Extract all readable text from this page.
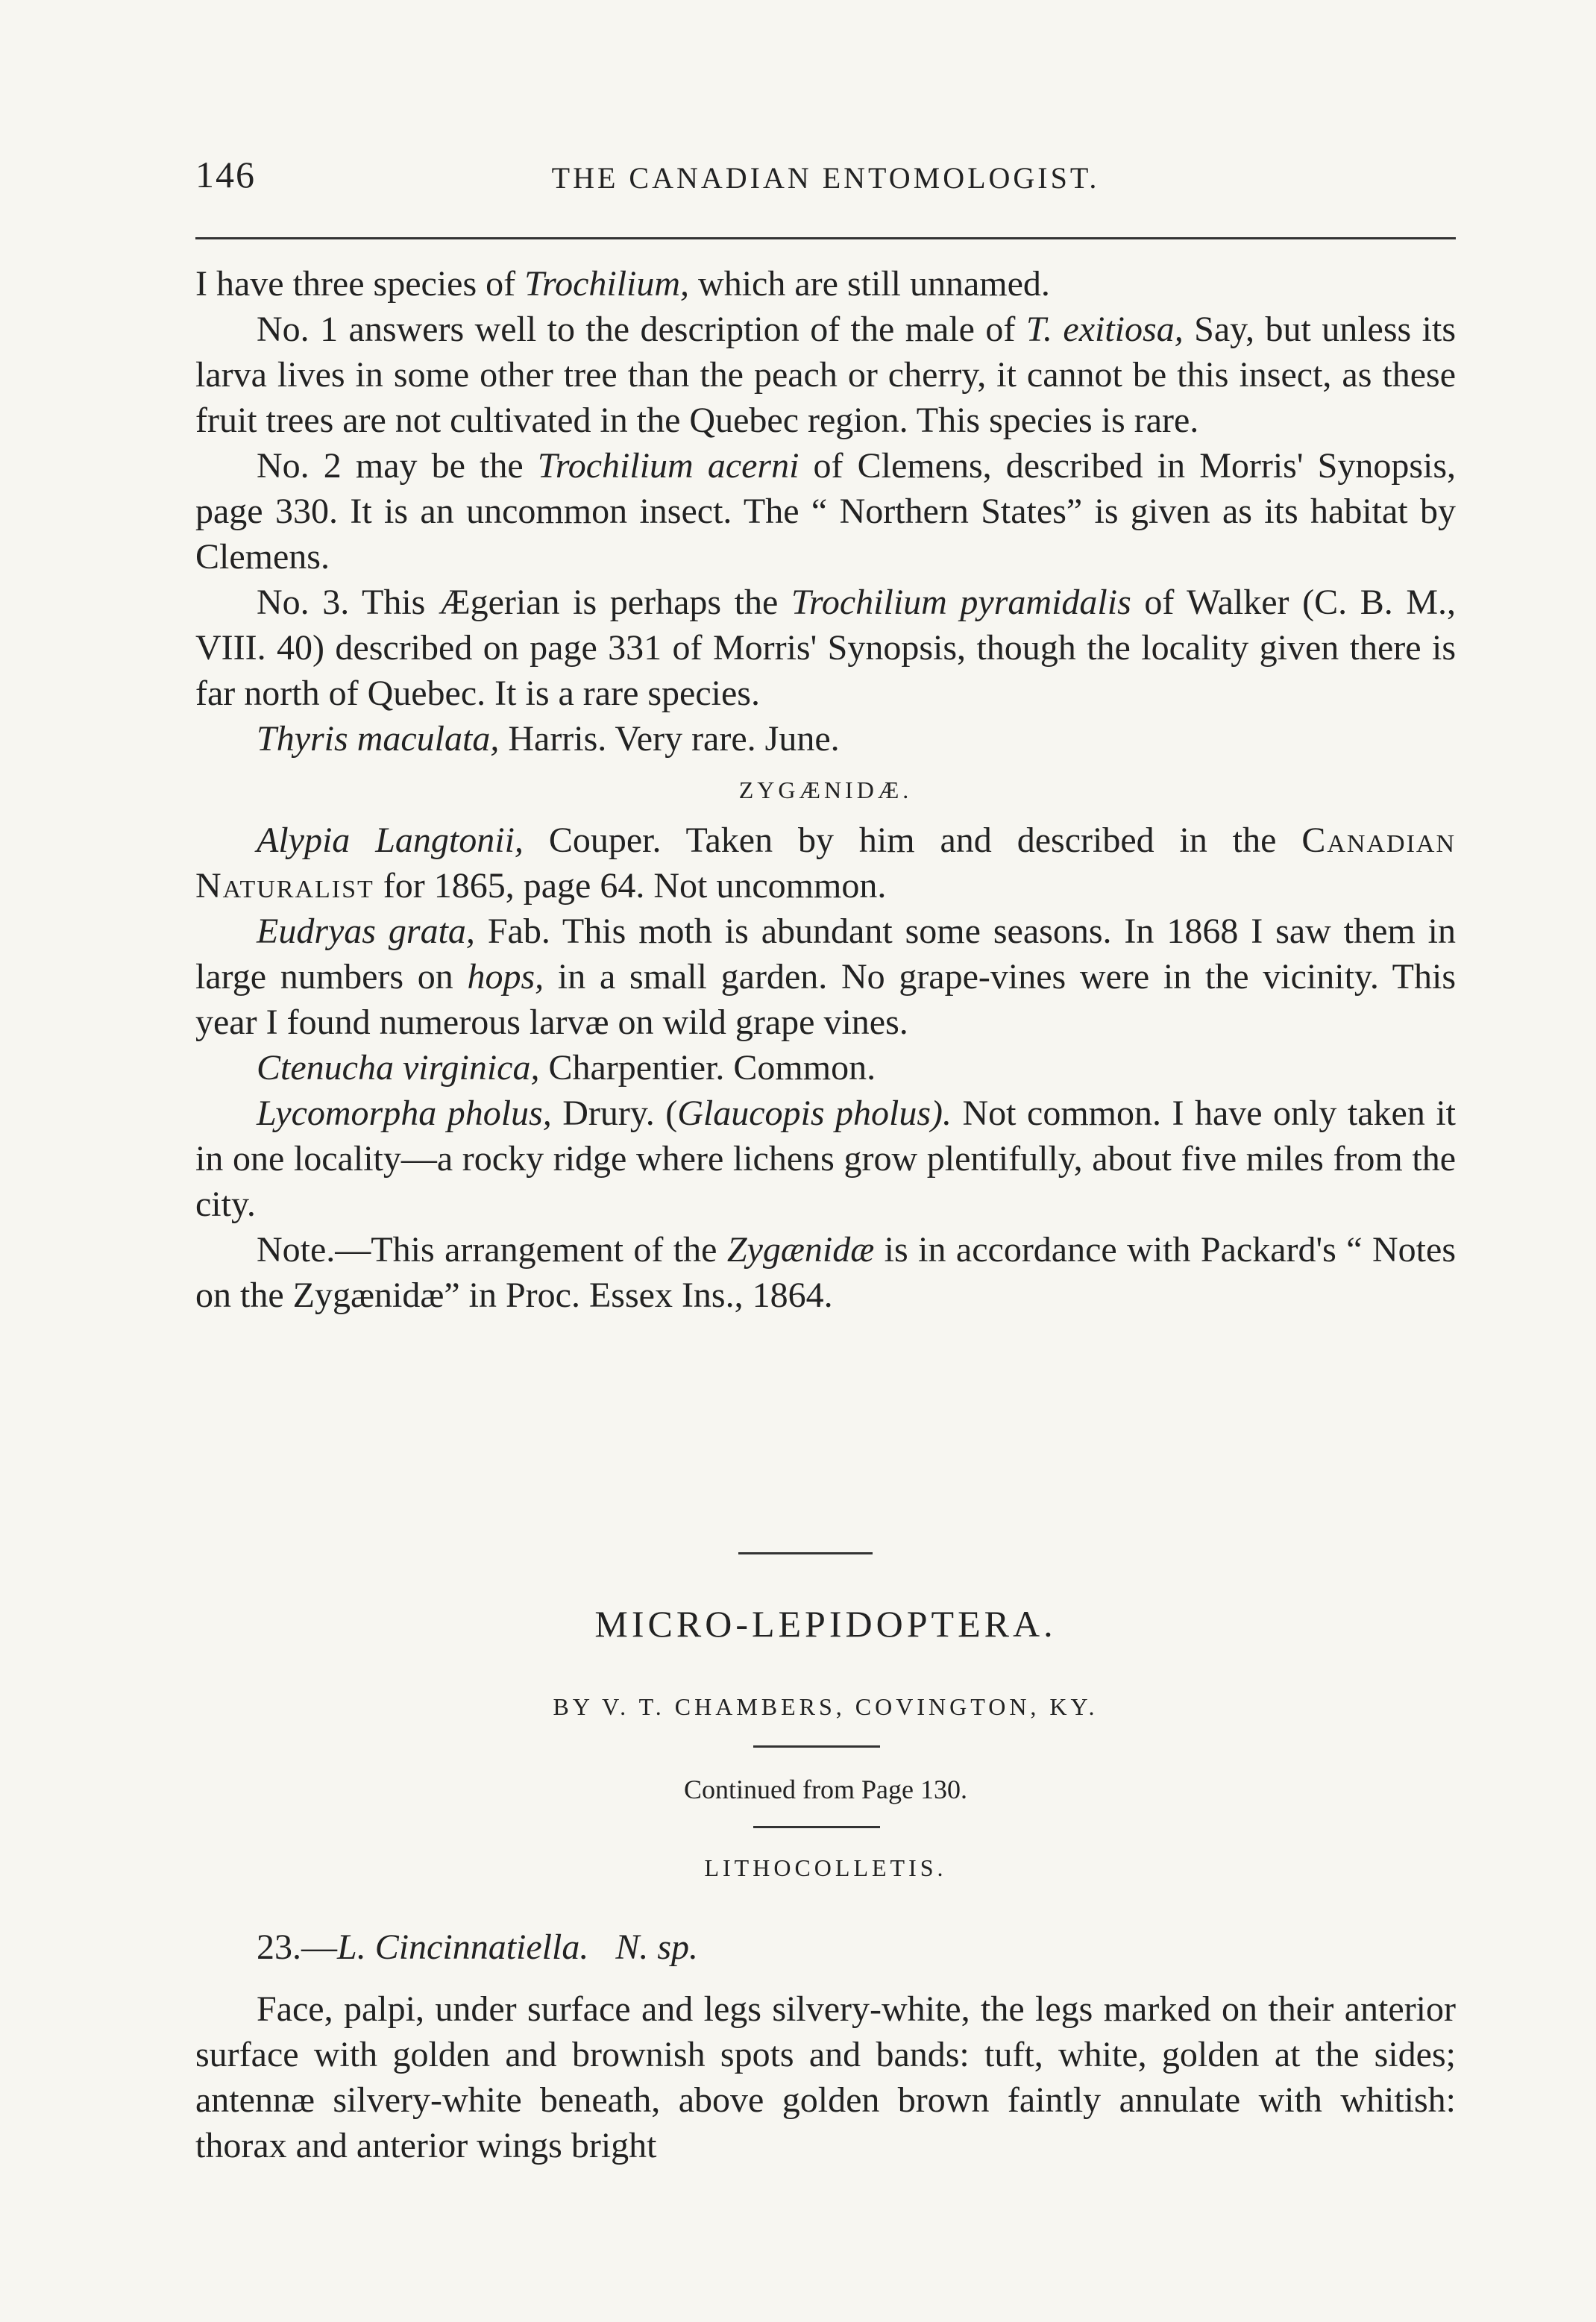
146	THE CANADIAN ENTOMOLOGIST.

I have three species of Trochilium, which are still unnamed.

No. 1 answers well to the description of the male of T. exitiosa, Say, but unless its larva lives in some other tree than the peach or cherry, it cannot be this insect, as these fruit trees are not cultivated in the Quebec region. This species is rare.

No. 2 may be the Trochilium acerni of Clemens, described in Morris' Synopsis, page 330. It is an uncommon insect. The “ Northern States” is given as its habitat by Clemens.

No. 3. This Ægerian is perhaps the Trochilium pyramidalis of Walker (C. B. M., VIII. 40) described on page 331 of Morris' Synopsis, though the locality given there is far north of Quebec. It is a rare species.

Thyris maculata, Harris. Very rare. June.

ZYGÆNIDÆ.

Alypia Langtonii, Couper. Taken by him and described in the Canadian Naturalist for 1865, page 64. Not uncommon.

Eudryas grata, Fab. This moth is abundant some seasons. In 1868 I saw them in large numbers on hops, in a small garden. No grape-vines were in the vicinity. This year I found numerous larvæ on wild grape vines.

Ctenucha virginica, Charpentier. Common.

Lycomorpha pholus, Drury. (Glaucopis pholus). Not common. I have only taken it in one locality—a rocky ridge where lichens grow plentifully, about five miles from the city.

Note.—This arrangement of the Zygænidæ is in accordance with Packard's “ Notes on the Zygænidæ” in Proc. Essex Ins., 1864.

MICRO-LEPIDOPTERA.
BY V. T. CHAMBERS, COVINGTON, KY.
Continued from Page 130.
LITHOCOLLETIS.

23.—L. Cincinnatiella. N. sp.

Face, palpi, under surface and legs silvery-white, the legs marked on their anterior surface with golden and brownish spots and bands: tuft, white, golden at the sides; antennæ silvery-white beneath, above golden brown faintly annulate with whitish: thorax and anterior wings bright
